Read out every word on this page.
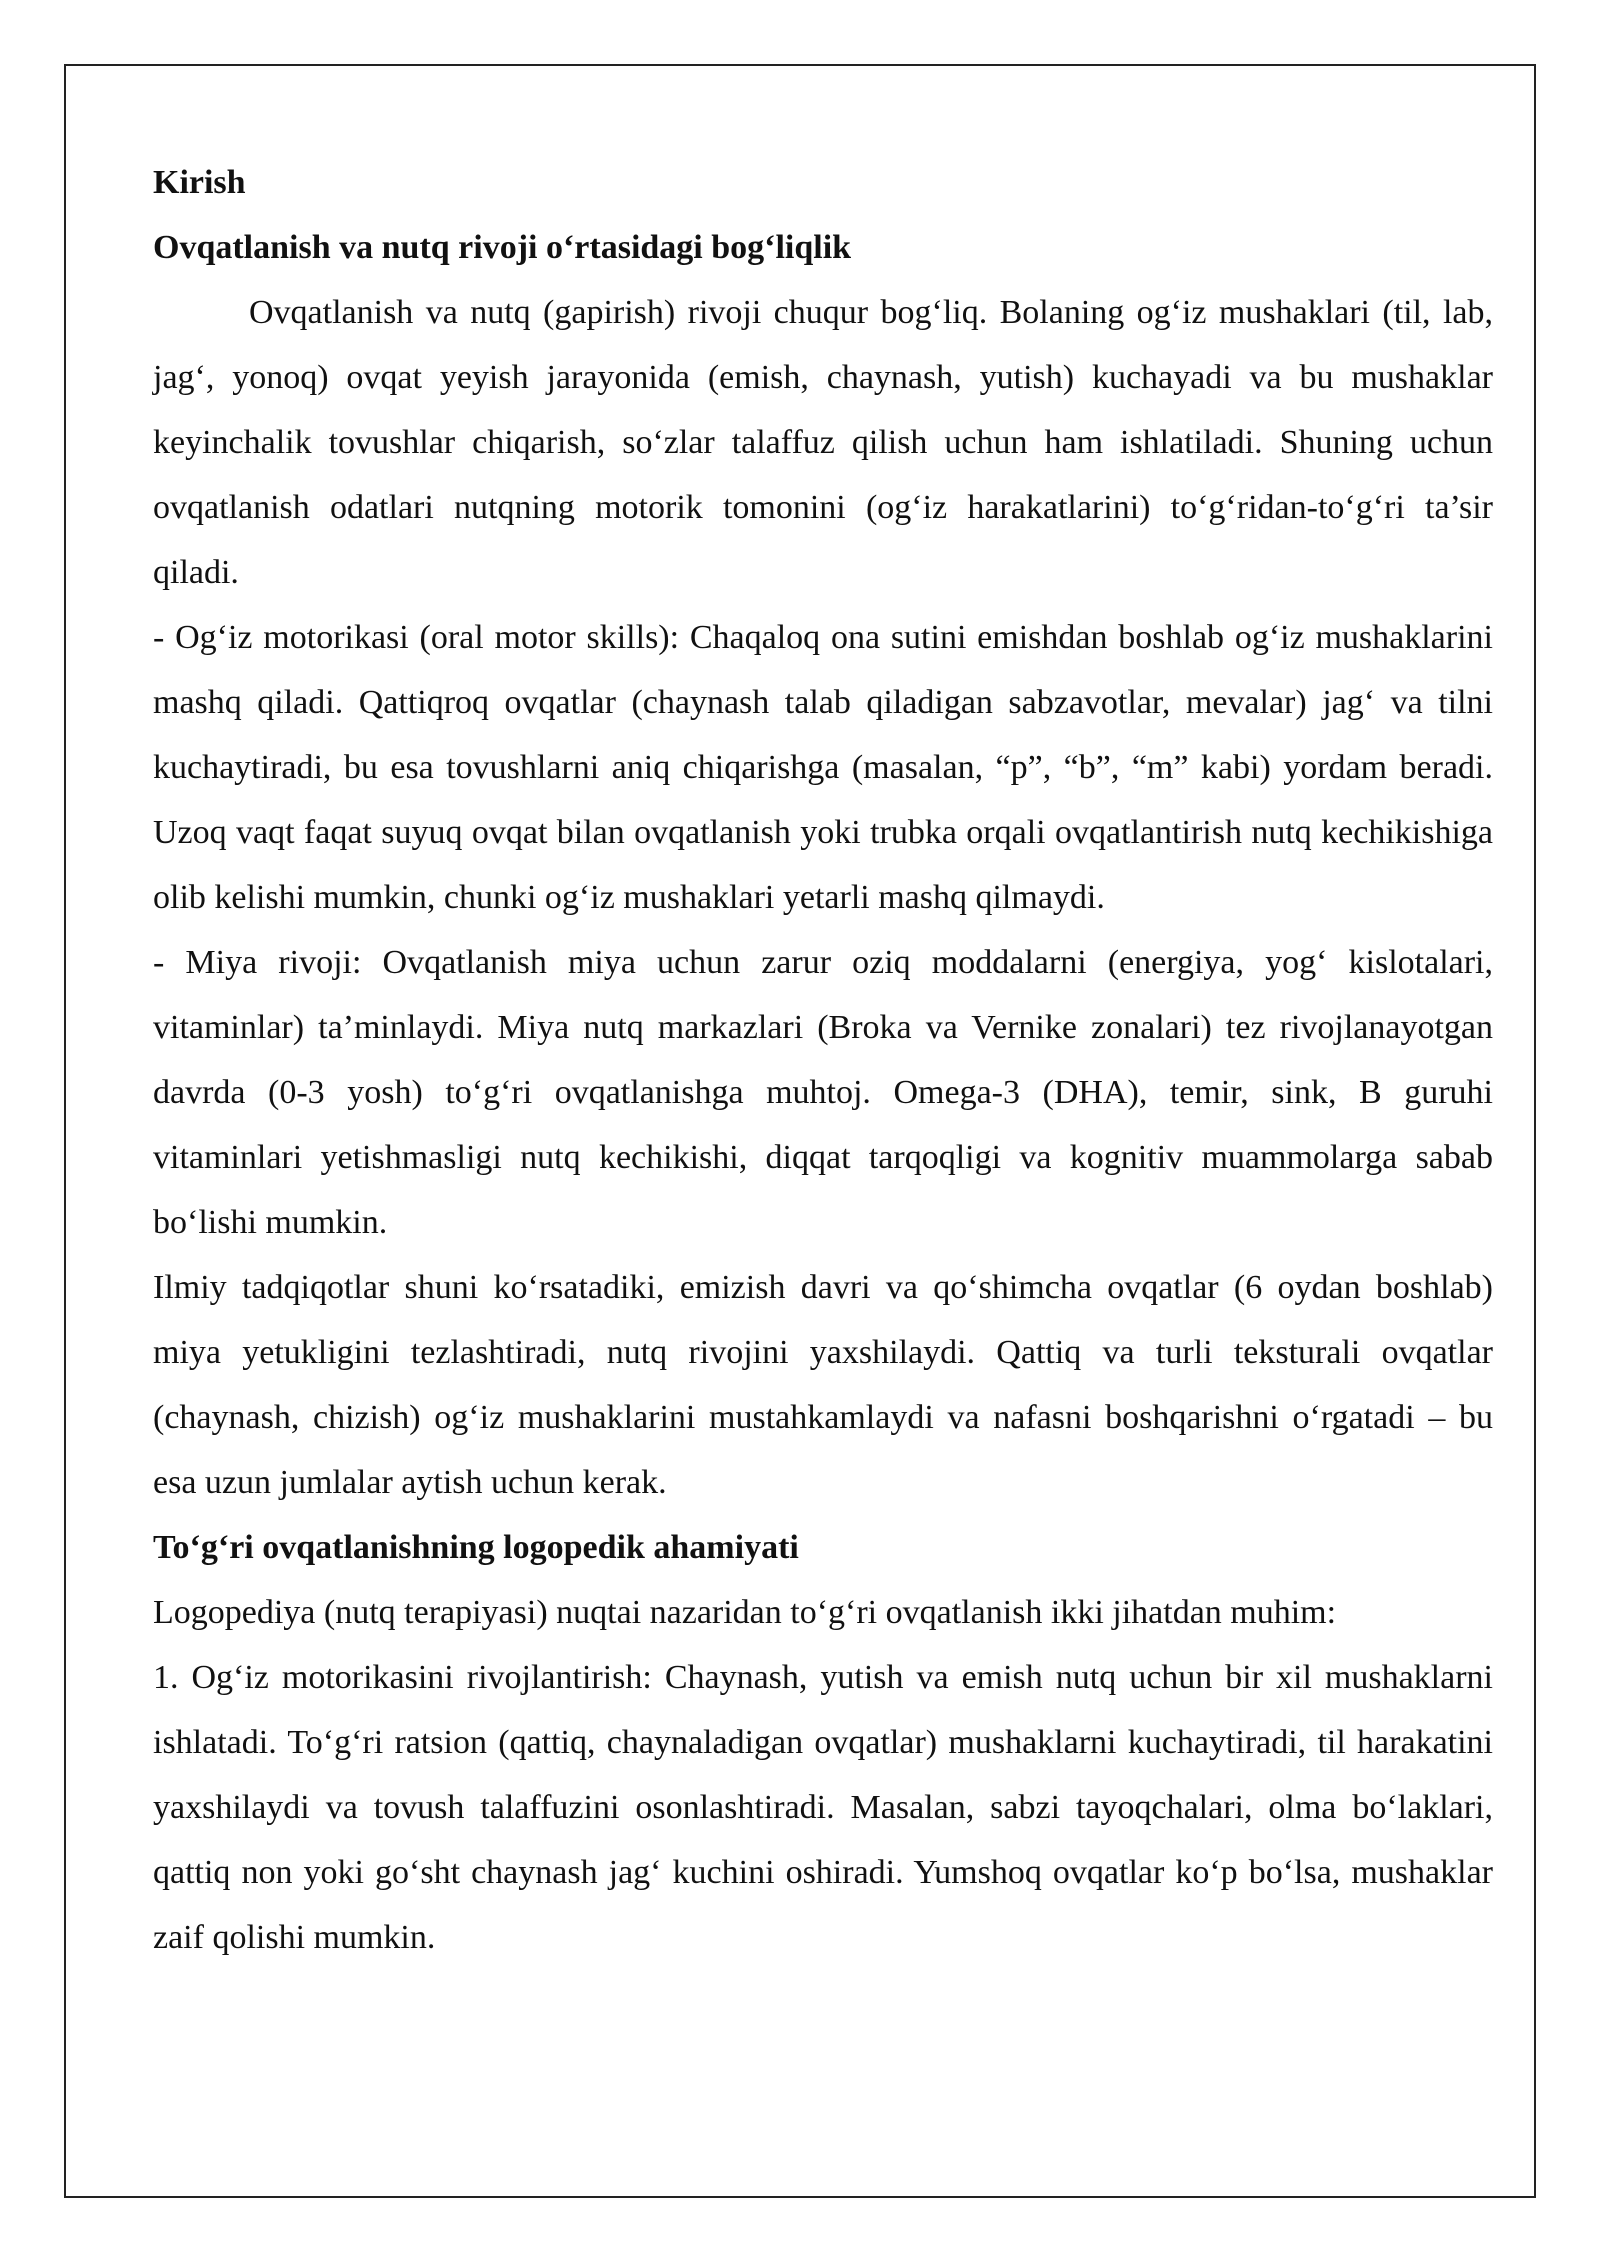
Kirish

Ovqatlanish va nutq rivoji o‘rtasidagi bog‘liqlik

Ovqatlanish va nutq (gapirish) rivoji chuqur bog‘liq. Bolaning og‘iz mushaklari (til, lab, jag‘, yonoq) ovqat yeyish jarayonida (emish, chaynash, yutish) kuchayadi va bu mushaklar keyinchalik tovushlar chiqarish, so‘zlar talaffuz qilish uchun ham ishlatiladi. Shuning uchun ovqatlanish odatlari nutqning motorik tomonini (og‘iz harakatlarini) to‘g‘ridan-to‘g‘ri ta’sir qiladi.

- Og‘iz motorikasi (oral motor skills): Chaqaloq ona sutini emishdan boshlab og‘iz mushaklarini mashq qiladi. Qattiqroq ovqatlar (chaynash talab qiladigan sabzavotlar, mevalar) jag‘ va tilni kuchaytiradi, bu esa tovushlarni aniq chiqarishga (masalan, “p”, “b”, “m” kabi) yordam beradi. Uzoq vaqt faqat suyuq ovqat bilan ovqatlanish yoki trubka orqali ovqatlantirish nutq kechikishiga olib kelishi mumkin, chunki og‘iz mushaklari yetarli mashq qilmaydi.

- Miya rivoji: Ovqatlanish miya uchun zarur oziq moddalarni (energiya, yog‘ kislotalari, vitaminlar) ta’minlaydi. Miya nutq markazlari (Broka va Vernike zonalari) tez rivojlanayotgan davrda (0-3 yosh) to‘g‘ri ovqatlanishga muhtoj. Omega-3 (DHA), temir, sink, B guruhi vitaminlari yetishmasligi nutq kechikishi, diqqat tarqoqligi va kognitiv muammolarga sabab bo‘lishi mumkin.

Ilmiy tadqiqotlar shuni ko‘rsatadiki, emizish davri va qo‘shimcha ovqatlar (6 oydan boshlab) miya yetukligini tezlashtiradi, nutq rivojini yaxshilaydi. Qattiq va turli teksturali ovqatlar (chaynash, chizish) og‘iz mushaklarini mustahkamlaydi va nafasni boshqarishni o‘rgatadi – bu esa uzun jumlalar aytish uchun kerak.

To‘g‘ri ovqatlanishning logopedik ahamiyati

Logopediya (nutq terapiyasi) nuqtai nazaridan to‘g‘ri ovqatlanish ikki jihatdan muhim:

1. Og‘iz motorikasini rivojlantirish: Chaynash, yutish va emish nutq uchun bir xil mushaklarni ishlatadi. To‘g‘ri ratsion (qattiq, chaynaladigan ovqatlar) mushaklarni kuchaytiradi, til harakatini yaxshilaydi va tovush talaffuzini osonlashtiradi. Masalan, sabzi tayoqchalari, olma bo‘laklari, qattiq non yoki go‘sht chaynash jag‘ kuchini oshiradi. Yumshoq ovqatlar ko‘p bo‘lsa, mushaklar zaif qolishi mumkin.
